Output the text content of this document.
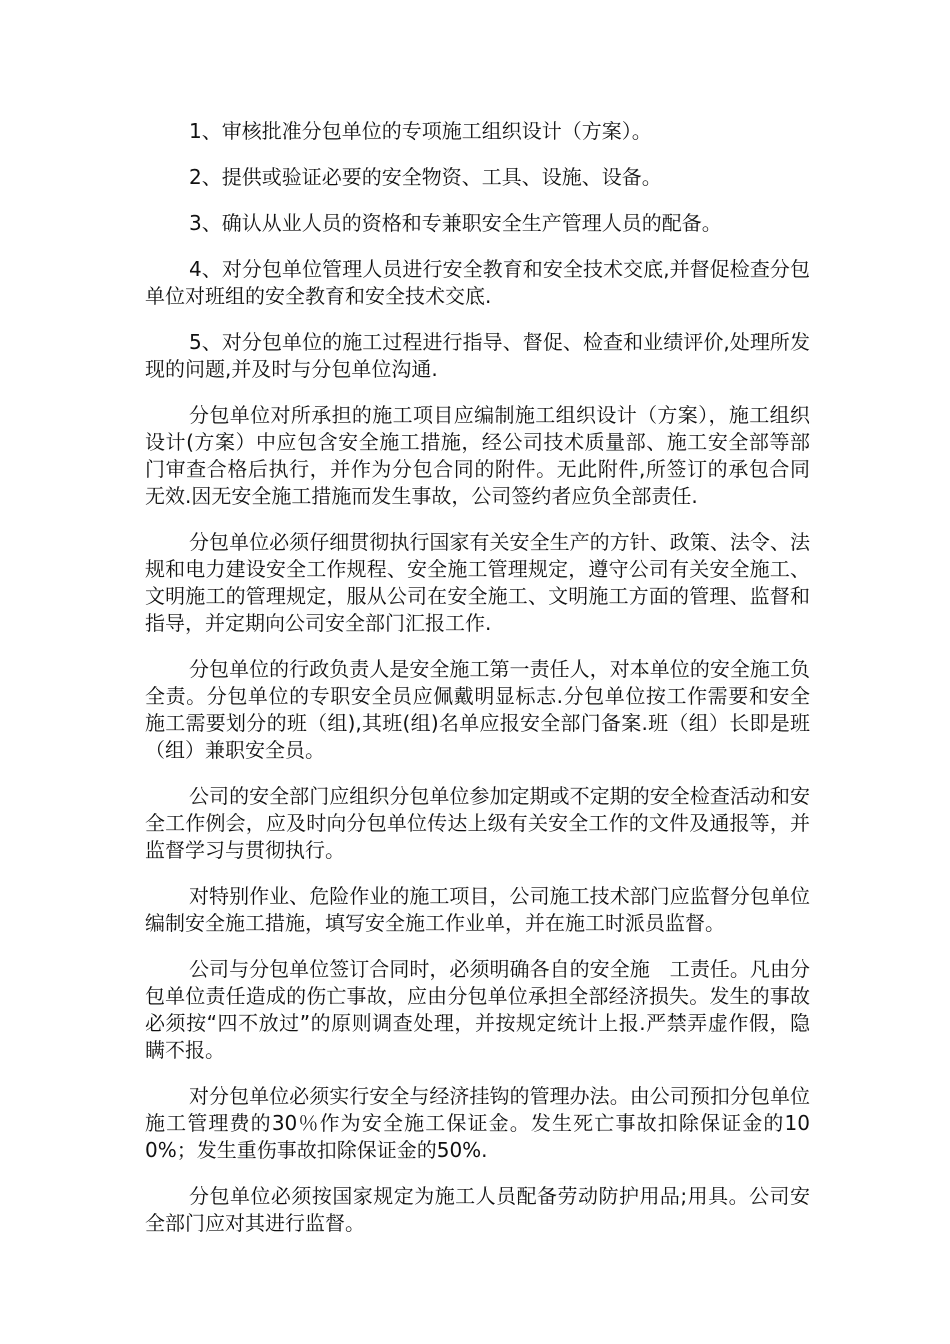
1、审核批准分包单位的专项施工组织设计（方案）。

2、提供或验证必要的安全物资、工具、设施、设备。

3、确认从业人员的资格和专兼职安全生产管理人员的配备。

4、对分包单位管理人员进行安全教育和安全技术交底,并督促检查分包单位对班组的安全教育和安全技术交底.

5、对分包单位的施工过程进行指导、督促、检查和业绩评价,处理所发现的问题,并及时与分包单位沟通.

分包单位对所承担的施工项目应编制施工组织设计（方案），施工组织设计(方案）中应包含安全施工措施，经公司技术质量部、施工安全部等部门审查合格后执行，并作为分包合同的附件。无此附件,所签订的承包合同无效.因无安全施工措施而发生事故，公司签约者应负全部责任.

分包单位必须仔细贯彻执行国家有关安全生产的方针、政策、法令、法规和电力建设安全工作规程、安全施工管理规定，遵守公司有关安全施工、文明施工的管理规定，服从公司在安全施工、文明施工方面的管理、监督和指导，并定期向公司安全部门汇报工作.

分包单位的行政负责人是安全施工第一责任人，对本单位的安全施工负全责。分包单位的专职安全员应佩戴明显标志.分包单位按工作需要和安全施工需要划分的班（组),其班(组)名单应报安全部门备案.班（组）长即是班（组）兼职安全员。

公司的安全部门应组织分包单位参加定期或不定期的安全检查活动和安全工作例会，应及时向分包单位传达上级有关安全工作的文件及通报等，并监督学习与贯彻执行。

对特别作业、危险作业的施工项目，公司施工技术部门应监督分包单位编制安全施工措施，填写安全施工作业单，并在施工时派员监督。

公司与分包单位签订合同时，必须明确各自的安全施　工责任。凡由分包单位责任造成的伤亡事故，应由分包单位承担全部经济损失。发生的事故必须按“四不放过”的原则调查处理，并按规定统计上报.严禁弄虚作假，隐瞒不报。

对分包单位必须实行安全与经济挂钩的管理办法。由公司预扣分包单位施工管理费的30％作为安全施工保证金。发生死亡事故扣除保证金的100%；发生重伤事故扣除保证金的50%.

分包单位必须按国家规定为施工人员配备劳动防护用品;用具。公司安全部门应对其进行监督。
